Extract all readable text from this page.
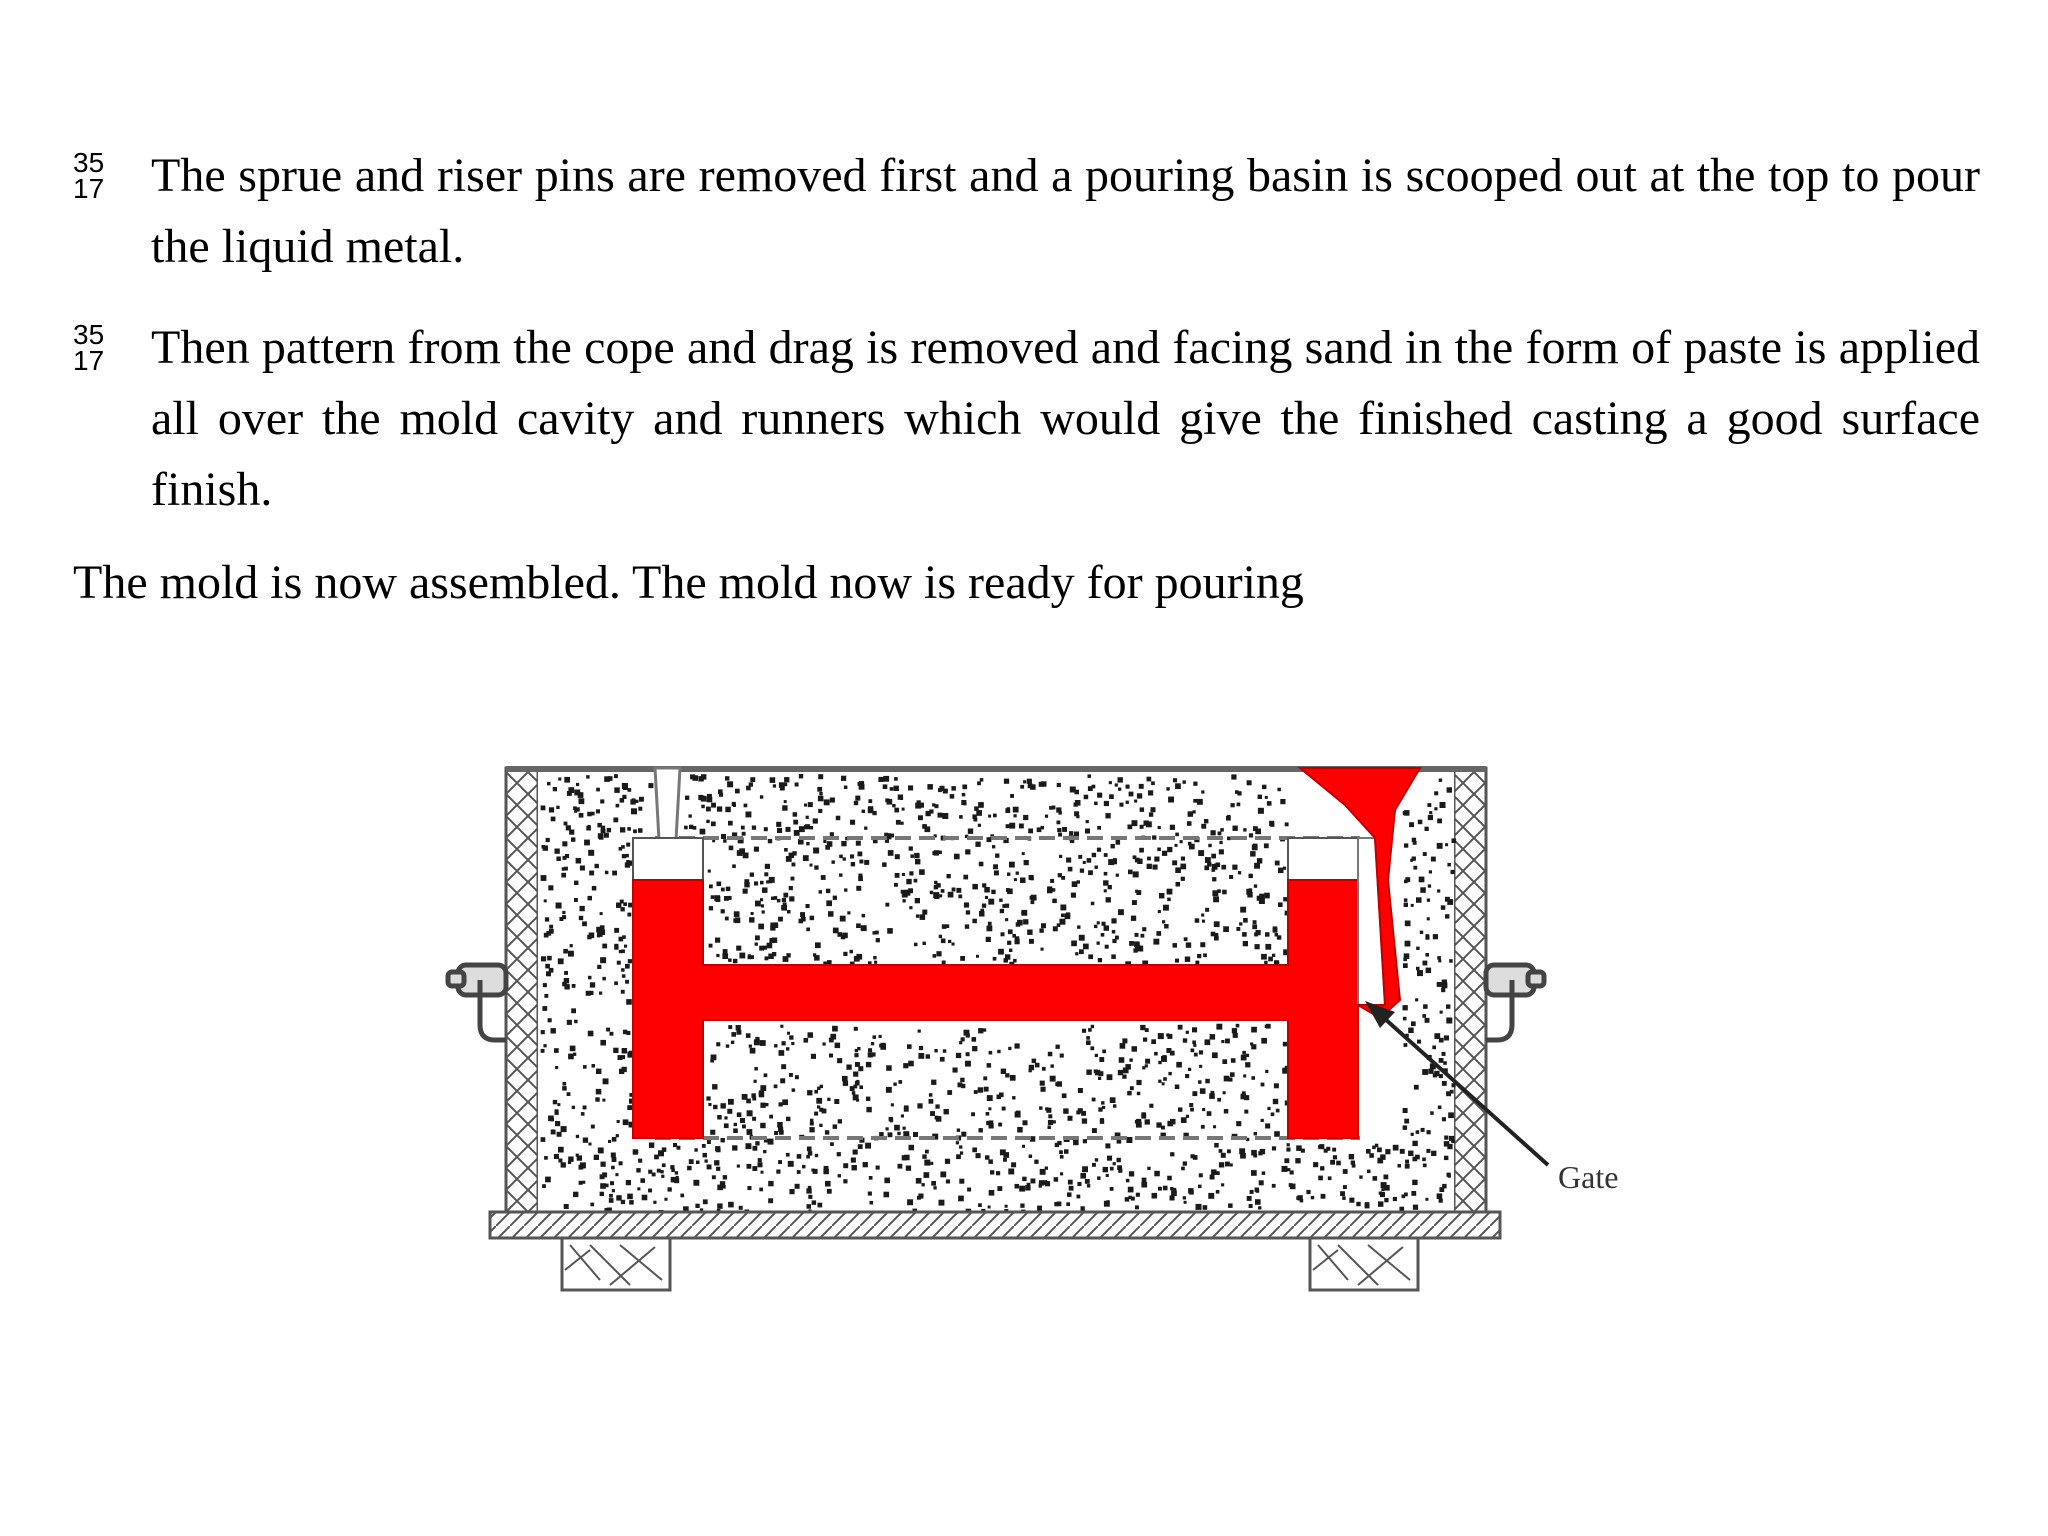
35
17 The sprue and riser pins are removed first and a pouring basin is scooped out at the top to pour the liquid metal.
35
17 Then pattern from the cope and drag is removed and facing sand in the form of paste is applied all over the mold cavity and runners which would give the finished casting a good surface finish.
The mold is now assembled. The mold now is ready for pouring
Gate
